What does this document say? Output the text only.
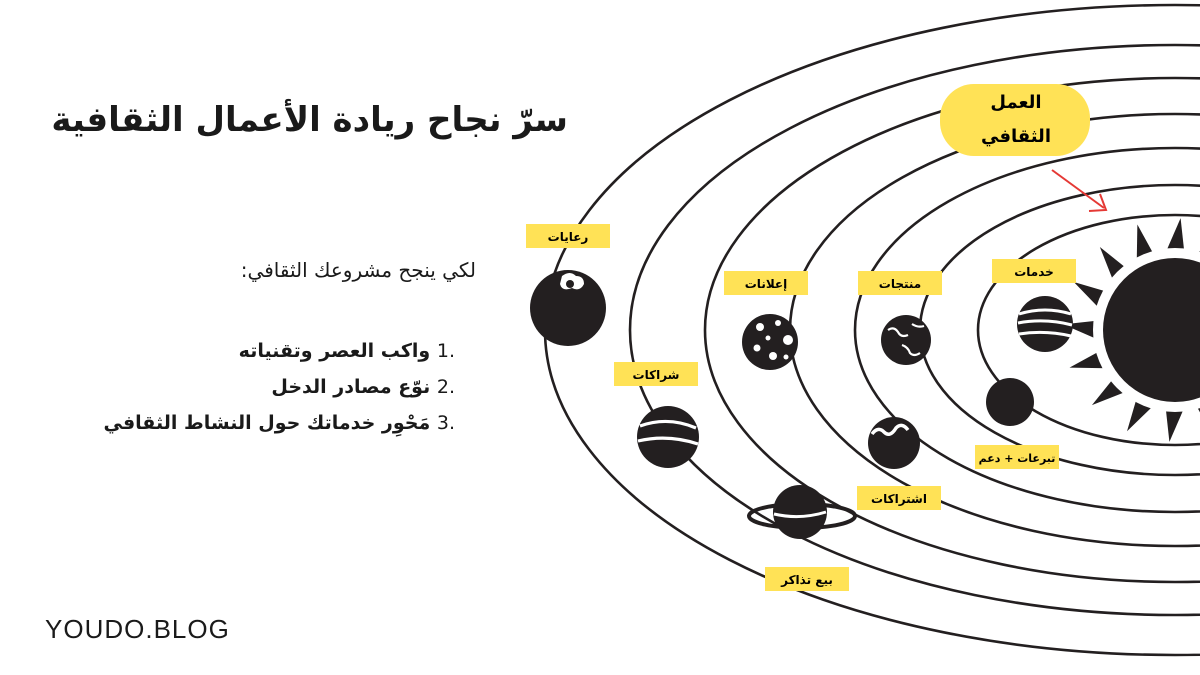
العمل
الثقافي
خدمات
تبرعات + دعم
منتجات
اشتراكات
إعلانات
بيع تذاكر
شراكات
رعايات
سرّ نجاح ريادة الأعمال الثقافية
لكي ينجح مشروعك الثقافي:
.1 واكب العصر وتقنياته
.2 نوّع مصادر الدخل
.3 مَحْوِر خدماتك حول النشاط الثقافي
YOUDO.BLOG
